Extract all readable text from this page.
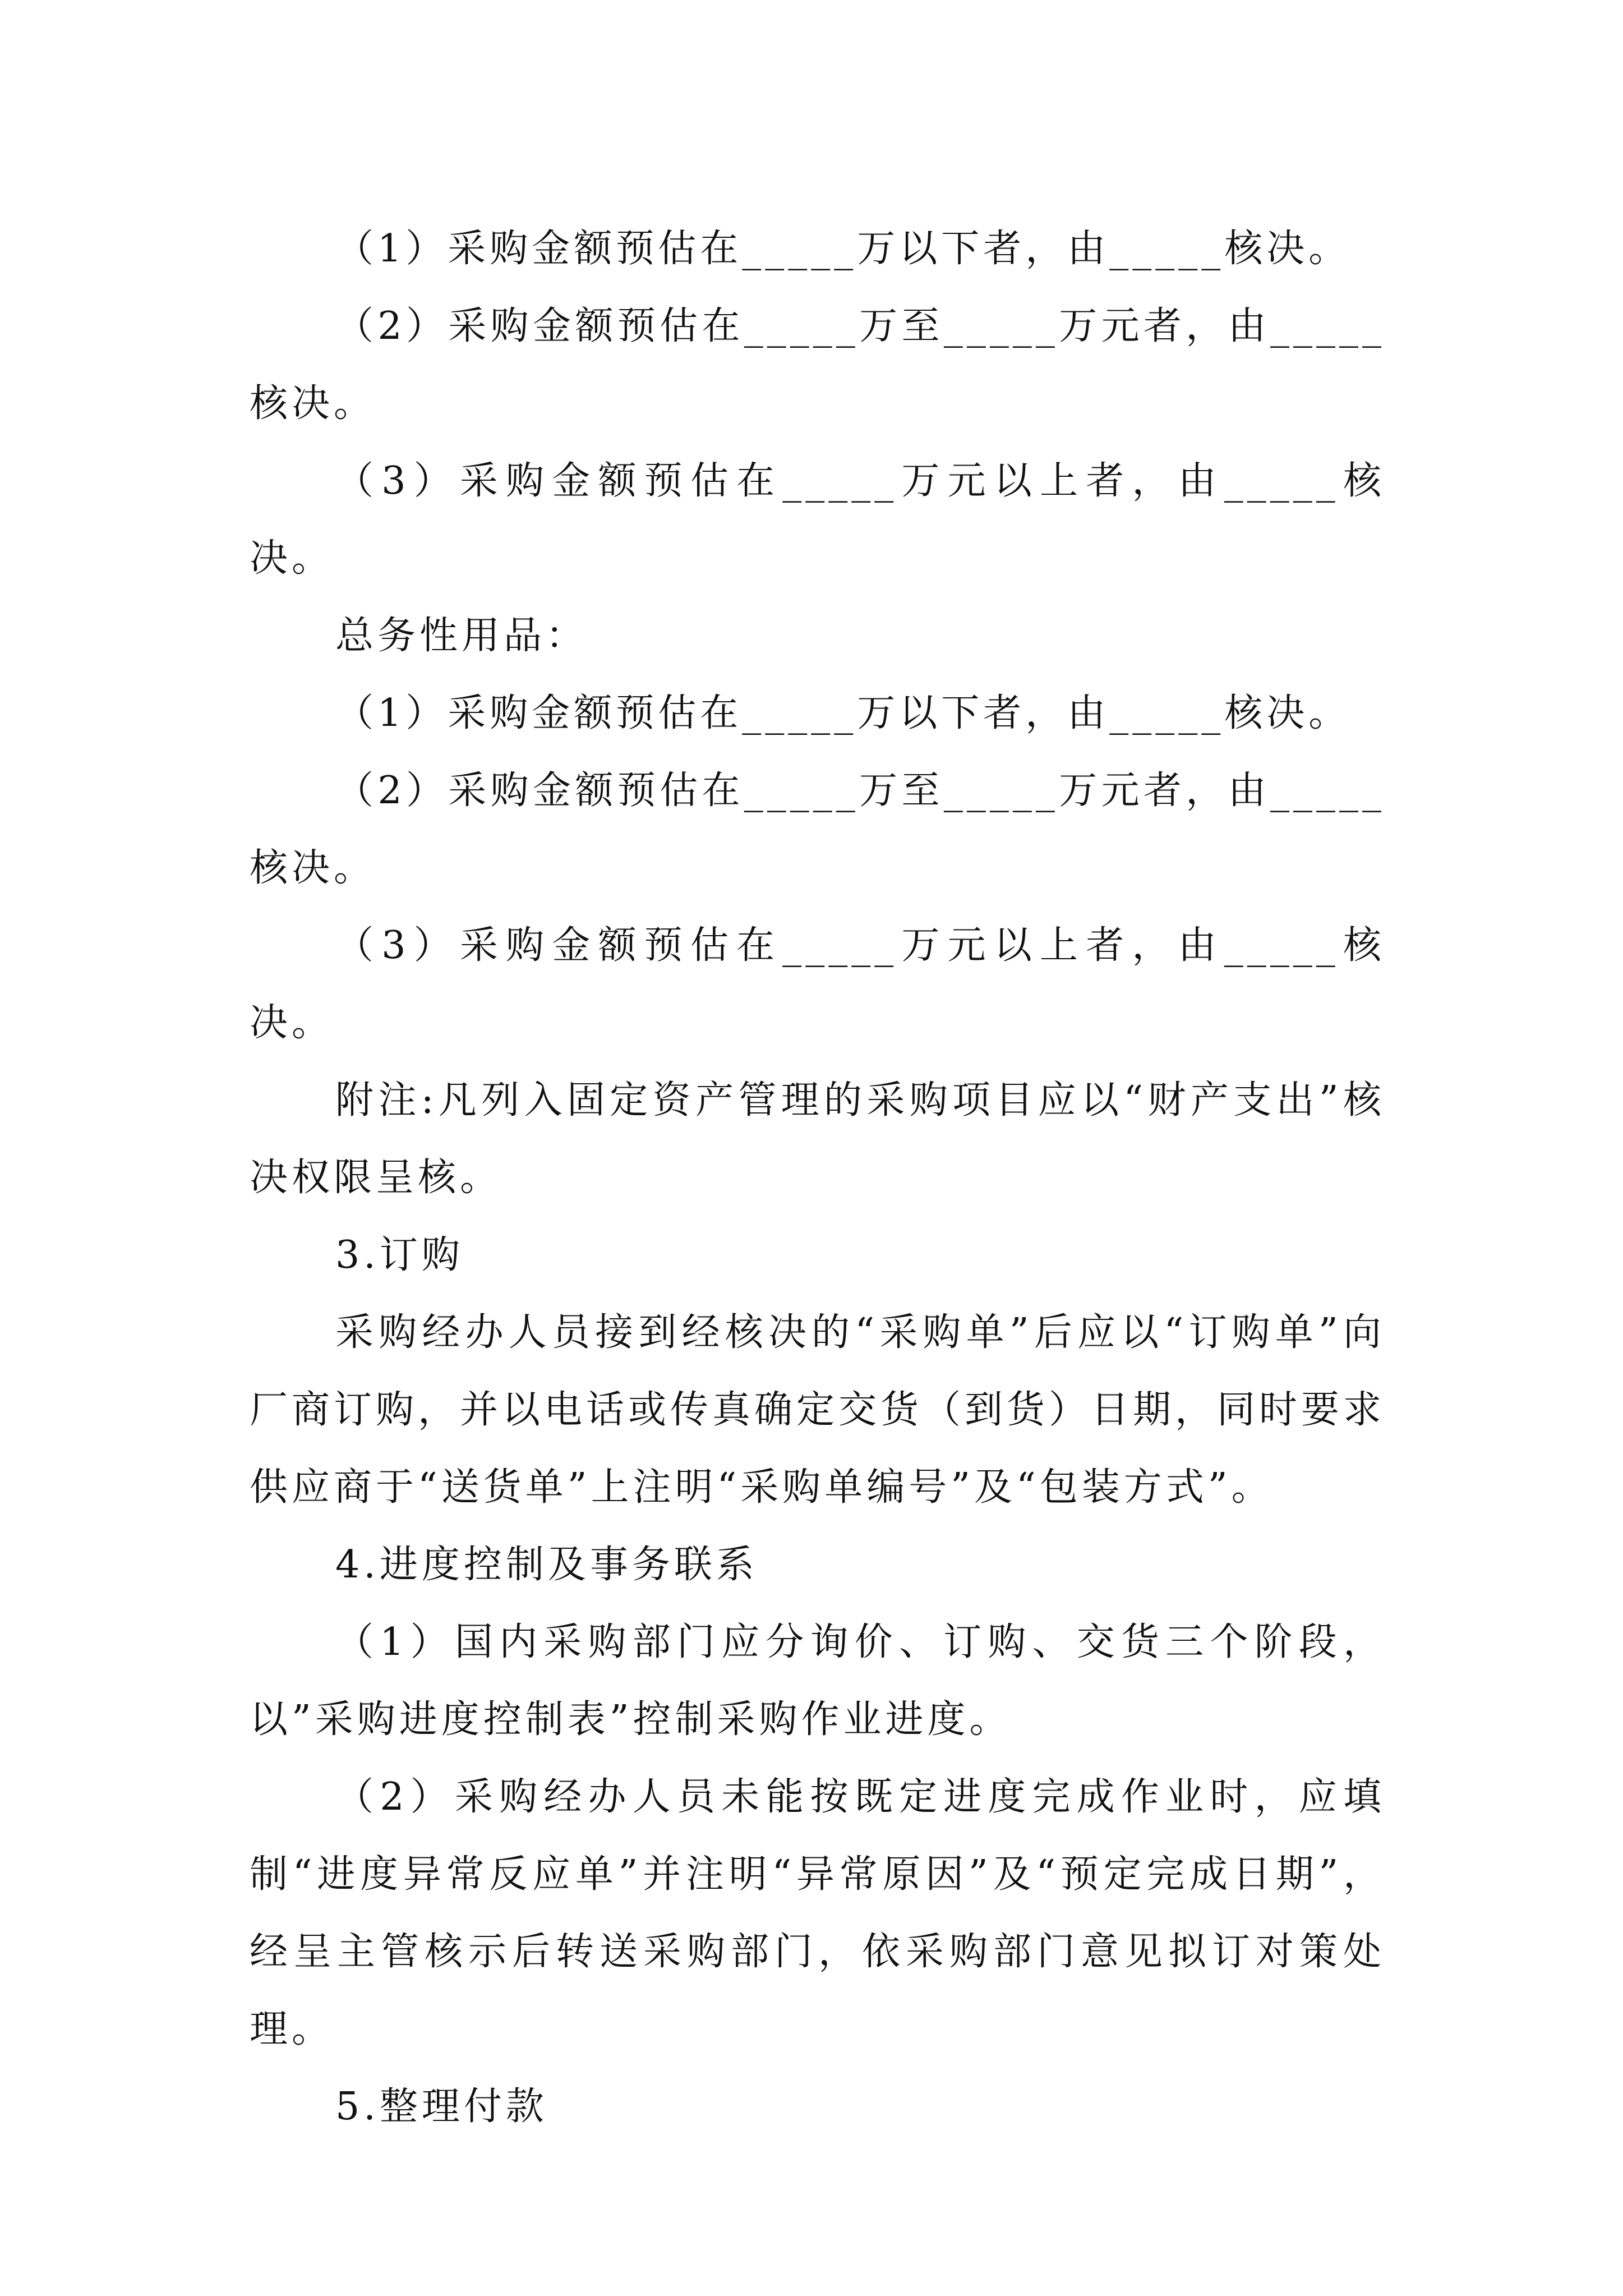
（1）采购金额预估在_____万以下者，由_____核决。

（2）采购金额预估在_____万至_____万元者，由_____核决。

（3）采购金额预估在_____万元以上者，由_____核决。

总务性用品：

（1）采购金额预估在_____万以下者，由_____核决。

（2）采购金额预估在_____万至_____万元者，由_____核决。

（3）采购金额预估在_____万元以上者，由_____核决。

附注:凡列入固定资产管理的采购项目应以“财产支出”核决权限呈核。

3.订购

采购经办人员接到经核决的“采购单”后应以“订购单”向厂商订购，并以电话或传真确定交货（到货）日期，同时要求供应商于“送货单”上注明“采购单编号”及“包装方式”。

4.进度控制及事务联系

（1）国内采购部门应分询价、订购、交货三个阶段，以”采购进度控制表”控制采购作业进度。

（2）采购经办人员未能按既定进度完成作业时，应填制“进度异常反应单”并注明“异常原因”及“预定完成日期”，经呈主管核示后转送采购部门，依采购部门意见拟订对策处理。

5.整理付款
